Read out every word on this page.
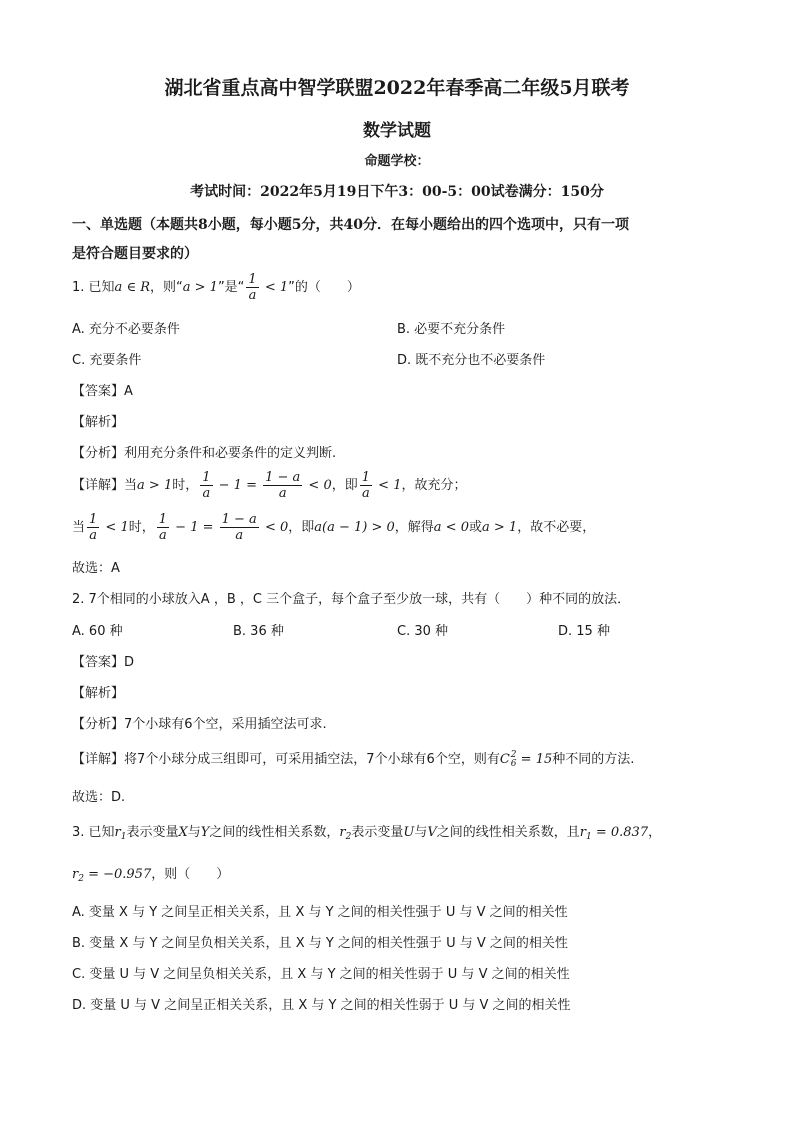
湖北省重点高中智学联盟2022年春季高二年级5月联考
数学试题
命题学校：
考试时间：2022年5月19日下午3：00-5：00试卷满分：150分
一、单选题（本题共8小题，每小题5分，共40分．在每小题给出的四个选项中，只有一项
是符合题目要求的）
1. 已知a ∈ R，则“a > 1”是“ $\frac{1}{a} < 1$”的（　　）
A. 充分不必要条件	B. 必要不充分条件
C. 充要条件	D. 既不充分也不必要条件
【答案】A
【解析】
【分析】利用充分条件和必要条件的定义判断.
【详解】当a > 1时， $\frac{1}{a} - 1 = \frac{1 - a}{a} < 0$，即 $\frac{1}{a} < 1$，故充分；
当 $\frac{1}{a} < 1$时， $\frac{1}{a} - 1 = \frac{1 - a}{a} < 0$，即a(a − 1) > 0，解得a < 0或a > 1，故不必要，
故选：A
2. 7个相同的小球放入A ，B ，C 三个盒子，每个盒子至少放一球，共有（　　）种不同的放法．
A. 60 种	B. 36 种	C. 30 种	D. 15 种
【答案】D
【解析】
【分析】7个小球有6个空，采用插空法可求.
【详解】将7个小球分成三组即可，可采用插空法，7个小球有6个空，则有C 2
6 = 15种不同的方法.
故选：D.
3. 已知$r_1$表示变量X与Y之间的线性相关系数，$r_2$表示变量U与V之间的线性相关系数，且$r_1 = 0.837$，
$r_2 = -0.957$，则（　　）
A. 变量 X 与 Y 之间呈正相关关系，且 X 与 Y 之间的相关性强于 U 与 V 之间的相关性
B. 变量 X 与 Y 之间呈负相关关系，且 X 与 Y 之间的相关性强于 U 与 V 之间的相关性
C. 变量 U 与 V 之间呈负相关关系，且 X 与 Y 之间的相关性弱于 U 与 V 之间的相关性
D. 变量 U 与 V 之间呈正相关关系，且 X 与 Y 之间的相关性弱于 U 与 V 之间的相关性
